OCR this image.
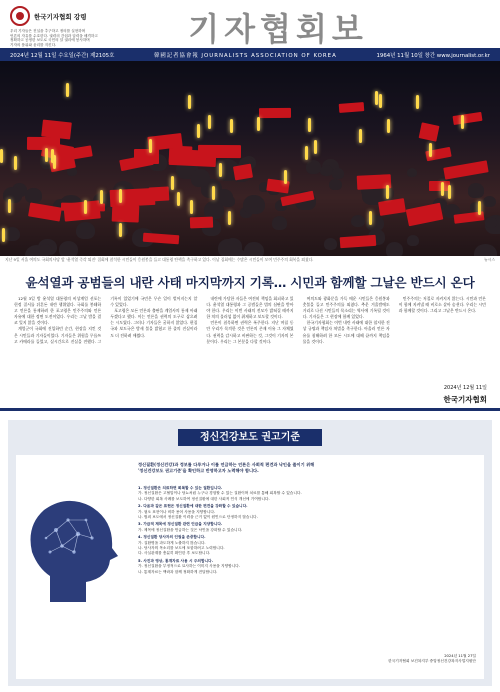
한국기자협회 강령
우리 기자들은 진실을 추구하고 정의를 실현하며
언론의 자유를 수호한다. 권력의 간섭과 압력을 배격하고
정확하고 공정한 보도로 국민의 알 권리에 봉사하며
기자의 품위와 윤리를 지킨다.	기자협회보
2024년 12월 11일 수요일(주간) 제2105호	韓國記者協會報 JOURNALISTS ASSOCIATION OF KOREA	1964년 11월 10일 창간 www.journalist.or.kr
지난 9일 서울 여의도 국회의사당 앞 '윤석열 즉각 퇴진' 집회에 참석한 시민들이 응원봉을 들고 대통령 탄핵을 촉구하고 있다. 이날 집회에는 수많은 시민들이 모여 민주주의 회복을 외쳤다.	뉴시스
윤석열과 공범들의 내란 사태 마지막까지 기록… 시민과 함께할 그날은 반드시 온다

12월 3일 밤 윤석열 대통령의 비상계엄 선포는 헌정 질서를 뒤흔든 내란 행위였다. 국회를 봉쇄하고 언론을 통제하려 한 포고령은 민주주의와 언론 자유에 대한 정면 도전이었다. 우리는 그날 밤을 결코 잊지 않을 것이다.

계엄군이 국회에 진입하던 순간, 현장을 지킨 것은 시민들과 기자들이었다. 기자들은 위험을 무릅쓰고 카메라를 들었고, 실시간으로 진실을 전했다. 그 기록이 있었기에 국민은 무슨 일이 벌어지는지 알 수 있었다.

포고령은 모든 언론과 출판을 계엄사의 통제 아래 두겠다고 했다. 이는 언론을 권력의 도구로 삼으려는 시도였다. 그러나 기자들은 굴하지 않았다. 편집국과 보도국은 밤새 불을 밝혔고 한 줄의 진실이라도 더 전하려 애썼다.

내란에 가담한 자들은 여전히 책임을 회피하고 있다. 윤석열 대통령과 그 공범들은 법의 심판을 받아야 한다. 우리는 이번 사태의 전모가 밝혀질 때까지 한 치의 물러섬 없이 취재하고 보도할 것이다.

언론이 침묵하면 권력은 폭주한다. 지난 며칠 동안 우리가 목격한 것은 언론의 존재 이유 그 자체였다. 권력을 감시하고 비판하는 것, 그것이 기자의 본분이다. 우리는 그 본분을 다할 것이다.

여의도와 광화문을 가득 메운 시민들은 응원봉과 촛불을 들고 민주주의를 외쳤다. 추운 겨울밤에도 거리로 나선 시민들의 목소리는 역사에 기록될 것이다. 기자들은 그 현장에 함께 있었다.

한국기자협회는 이번 내란 사태에 대한 철저한 진상 규명과 책임자 처벌을 촉구한다. 아울러 언론 자유를 침해하려 한 모든 시도에 대해 끝까지 책임을 물을 것이다.

민주주의는 저절로 지켜지지 않는다. 시민과 언론이 함께 지켜낼 때 비로소 살아 숨쉰다. 우리는 시민과 함께할 것이다. 그리고 그날은 반드시 온다.

2024년 12월 11일
한국기자협회
정신건강보도 권고기준
정신질환(정신건강)과 정보를 다루거나 이를 언급하는 언론은 사회적 편견과 낙인을 줄이기 위해
'정신건강보도 권고기준'을 확인하고 반영하고자 노력해야 합니다.
1. 정신질환은 치료하면 회복할 수 있는 질환입니다.
가. 정신질환은 고혈압이나 당뇨처럼 누구나 경험할 수 있는 질환이며 치료를 통해 회복할 수 있습니다.
나. 다양한 회복 사례를 보도하여 정신질환에 대한 사회적 인식 개선에 기여합니다.
2. 다음과 같은 표현은 정신질환에 대한 편견을 강화할 수 있습니다.
가. 혐오 표현이나 비하 용어 사용을 지양합니다.
나. 범죄 보도에서 정신질환 이력을 근거 없이 원인으로 단정하지 않습니다.
3. 가급적 제목에 정신질환 관련 언급을 지양합니다.
가. 제목에 정신질환을 언급하는 것은 낙인을 강화할 수 있습니다.
4. 정신질환 당사자의 인권을 존중합니다.
가. 질환명을 과도하게 노출하지 않습니다.
나. 당사자의 목소리를 보도에 포함하려고 노력합니다.
다. 사실관계를 충분히 확인한 후 보도합니다.
5. 사진과 영상, 통계자료 사용 시 주의합니다.
가. 정신질환을 부정적으로 묘사하는 이미지 사용을 지양합니다.
나. 통계자료는 맥락과 함께 정확하게 전달합니다.
2024년 11월 27일
한국기자협회 보건복지부 중앙정신건강복지사업지원단
